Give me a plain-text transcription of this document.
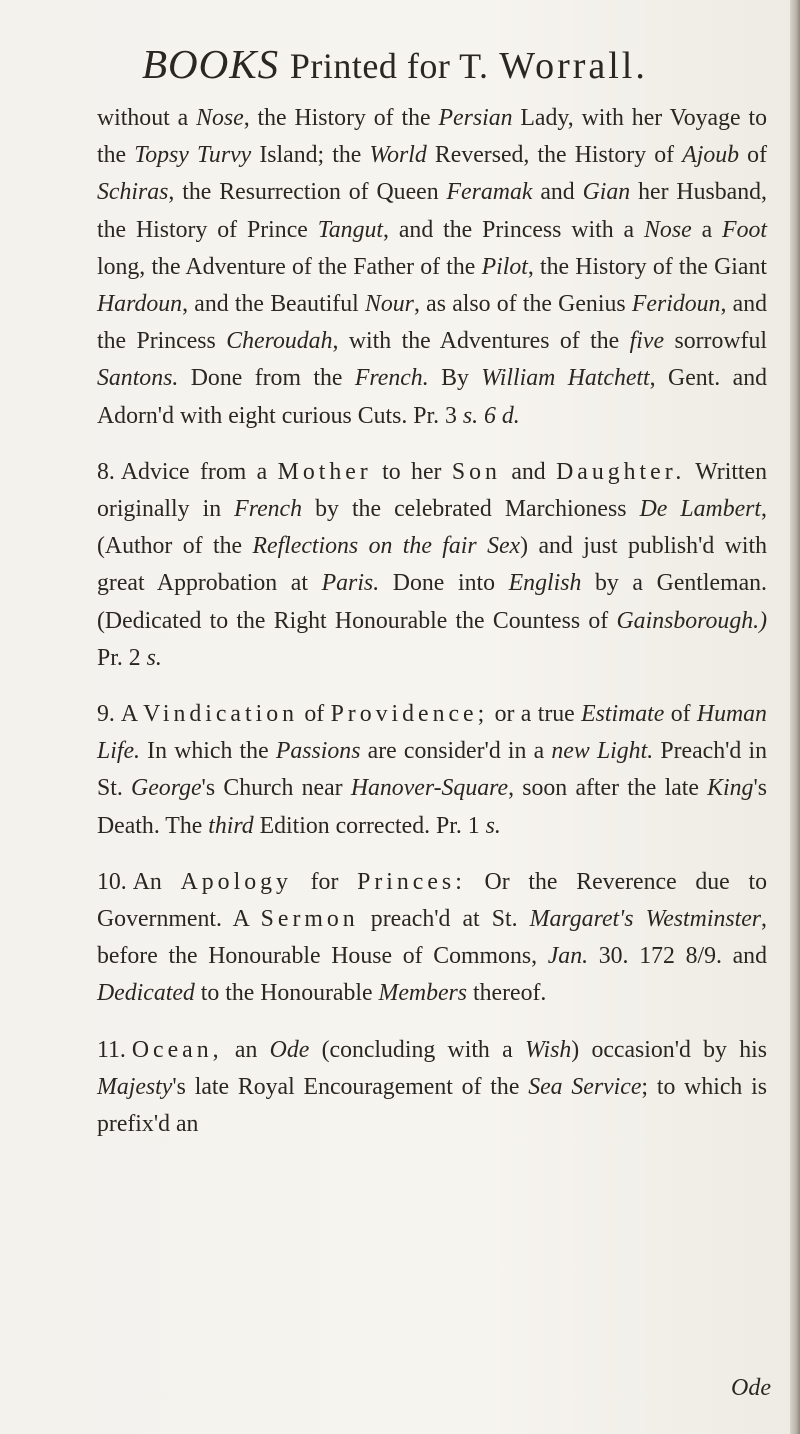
BOOKS Printed for T. Worrall.

without a Nose, the History of the Persian Lady, with her Voyage to the Topsy Turvy Island; the World Reversed, the History of Ajoub of Schiras, the Resurrection of Queen Feramak and Gian her Husband, the History of Prince Tangut, and the Princess with a Nose a Foot long, the Adventure of the Father of the Pilot, the History of the Giant Hardoun, and the Beautiful Nour, as also of the Genius Feridoun, and the Princess Cheroudah, with the Adventures of the five sorrowful Santons. Done from the French. By William Hatchett, Gent. and Adorn'd with eight curious Cuts. Pr. 3 s. 6 d.

8. Advice from a Mother to her Son and Daughter. Written originally in French by the celebrated Marchioness De Lambert, (Author of the Reflections on the fair Sex) and just publish'd with great Approbation at Paris. Done into English by a Gentleman. (Dedicated to the Right Honourable the Countess of Gainsborough.) Pr. 2 s.

9. A Vindication of Providence; or a true Estimate of Human Life. In which the Passions are consider'd in a new Light. Preach'd in St. George's Church near Hanover-Square, soon after the late King's Death. The third Edition corrected. Pr. 1 s.

10. An Apology for Princes: Or the Reverence due to Government. A Sermon preach'd at St. Margaret's Westminster, before the Honourable House of Commons, Jan. 30. 172 8/9. and Dedicated to the Honourable Members thereof.

11. Ocean, an Ode (concluding with a Wish) occasion'd by his Majesty's late Royal Encouragement of the Sea Service; to which is prefix'd an

Ode
